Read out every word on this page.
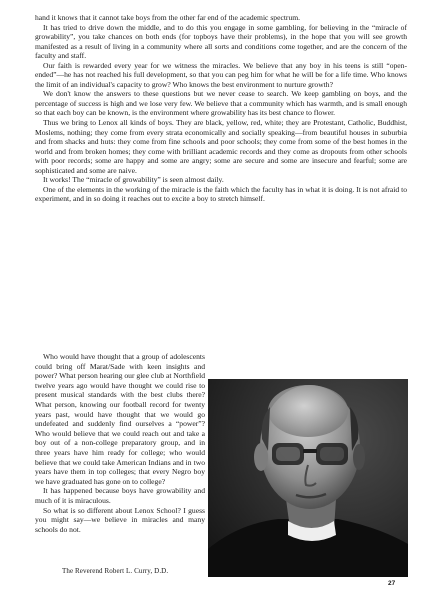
hand it knows that it cannot take boys from the other far end of the academic spectrum.

It has tried to drive down the middle, and to do this you engage in some gambling, for believing in the “miracle of growability”, you take chances on both ends (for topboys have their problems), in the hope that you will see growth manifested as a result of living in a community where all sorts and conditions come together, and are the concern of the faculty and staff.

Our faith is rewarded every year for we witness the miracles. We believe that any boy in his teens is still “open-ended”—he has not reached his full development, so that you can peg him for what he will be for a life time. Who knows the limit of an individual's capacity to grow? Who knows the best environment to nurture growth?

We don't know the answers to these questions but we never cease to search. We keep gambling on boys, and the percentage of success is high and we lose very few. We believe that a community which has warmth, and is small enough so that each boy can be known, is the environment where growability has its best chance to flower.

Thus we bring to Lenox all kinds of boys. They are black, yellow, red, white; they are Protestant, Catholic, Buddhist, Moslems, nothing; they come from every strata economically and socially speaking—from beautiful houses in suburbia and from shacks and huts: they come from fine schools and poor schools; they come from some of the best homes in the world and from broken homes; they come with brilliant academic records and they come as dropouts from other schools with poor records; some are happy and some are angry; some are secure and some are insecure and fearful; some are sophisticated and some are naive.

It works! The “miracle of growability” is seen almost daily.

One of the elements in the working of the miracle is the faith which the faculty has in what it is doing. It is not afraid to experiment, and in so doing it reaches out to excite a boy to stretch himself.

Who would have thought that a group of adolescents could bring off Marat/Sade with keen insights and power? What person hearing our glee club at Northfield twelve years ago would have thought we could rise to present musical standards with the best clubs there? What person, knowing our football record for twenty years past, would have thought that we would go undefeated and suddenly find ourselves a “power”? Who would believe that we could reach out and take a boy out of a non-college preparatory group, and in three years have him ready for college; who would believe that we could take American Indians and in two years have them in top colleges; that every Negro boy we have graduated has gone on to college?

It has happened because boys have growability and much of it is miraculous.

So what is so different about Lenox School? I guess you might say—we believe in miracles and many schools do not.

The Reverend Robert L. Curry, D.D.
27
